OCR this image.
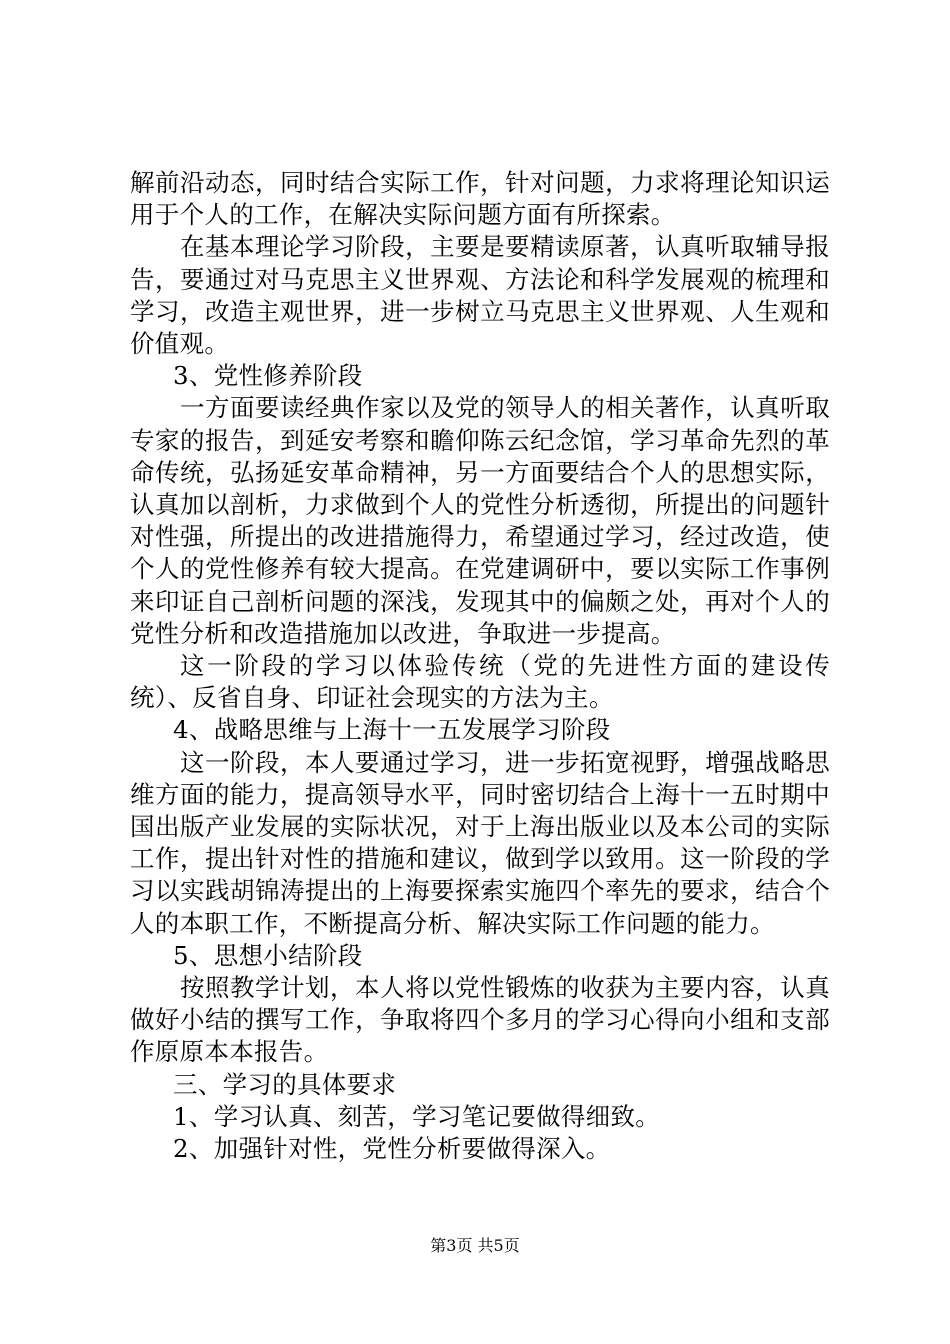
解前沿动态，同时结合实际工作，针对问题，力求将理论知识运用于个人的工作，在解决实际问题方面有所探索。

在基本理论学习阶段，主要是要精读原著，认真听取辅导报告，要通过对马克思主义世界观、方法论和科学发展观的梳理和学习，改造主观世界，进一步树立马克思主义世界观、人生观和价值观。

3、党性修养阶段

一方面要读经典作家以及党的领导人的相关著作，认真听取专家的报告，到延安考察和瞻仰陈云纪念馆，学习革命先烈的革命传统，弘扬延安革命精神，另一方面要结合个人的思想实际，认真加以剖析，力求做到个人的党性分析透彻，所提出的问题针对性强，所提出的改进措施得力，希望通过学习，经过改造，使个人的党性修养有较大提高。在党建调研中，要以实际工作事例来印证自己剖析问题的深浅，发现其中的偏颇之处，再对个人的党性分析和改造措施加以改进，争取进一步提高。

这一阶段的学习以体验传统（党的先进性方面的建设传统）、反省自身、印证社会现实的方法为主。

4、战略思维与上海十一五发展学习阶段

这一阶段，本人要通过学习，进一步拓宽视野，增强战略思维方面的能力，提高领导水平，同时密切结合上海十一五时期中国出版产业发展的实际状况，对于上海出版业以及本公司的实际工作，提出针对性的措施和建议，做到学以致用。这一阶段的学习以实践胡锦涛提出的上海要探索实施四个率先的要求，结合个人的本职工作，不断提高分析、解决实际工作问题的能力。

5、思想小结阶段

按照教学计划，本人将以党性锻炼的收获为主要内容，认真做好小结的撰写工作，争取将四个多月的学习心得向小组和支部作原原本本报告。

三、学习的具体要求

1、学习认真、刻苦，学习笔记要做得细致。

2、加强针对性，党性分析要做得深入。

第3页 共5页
